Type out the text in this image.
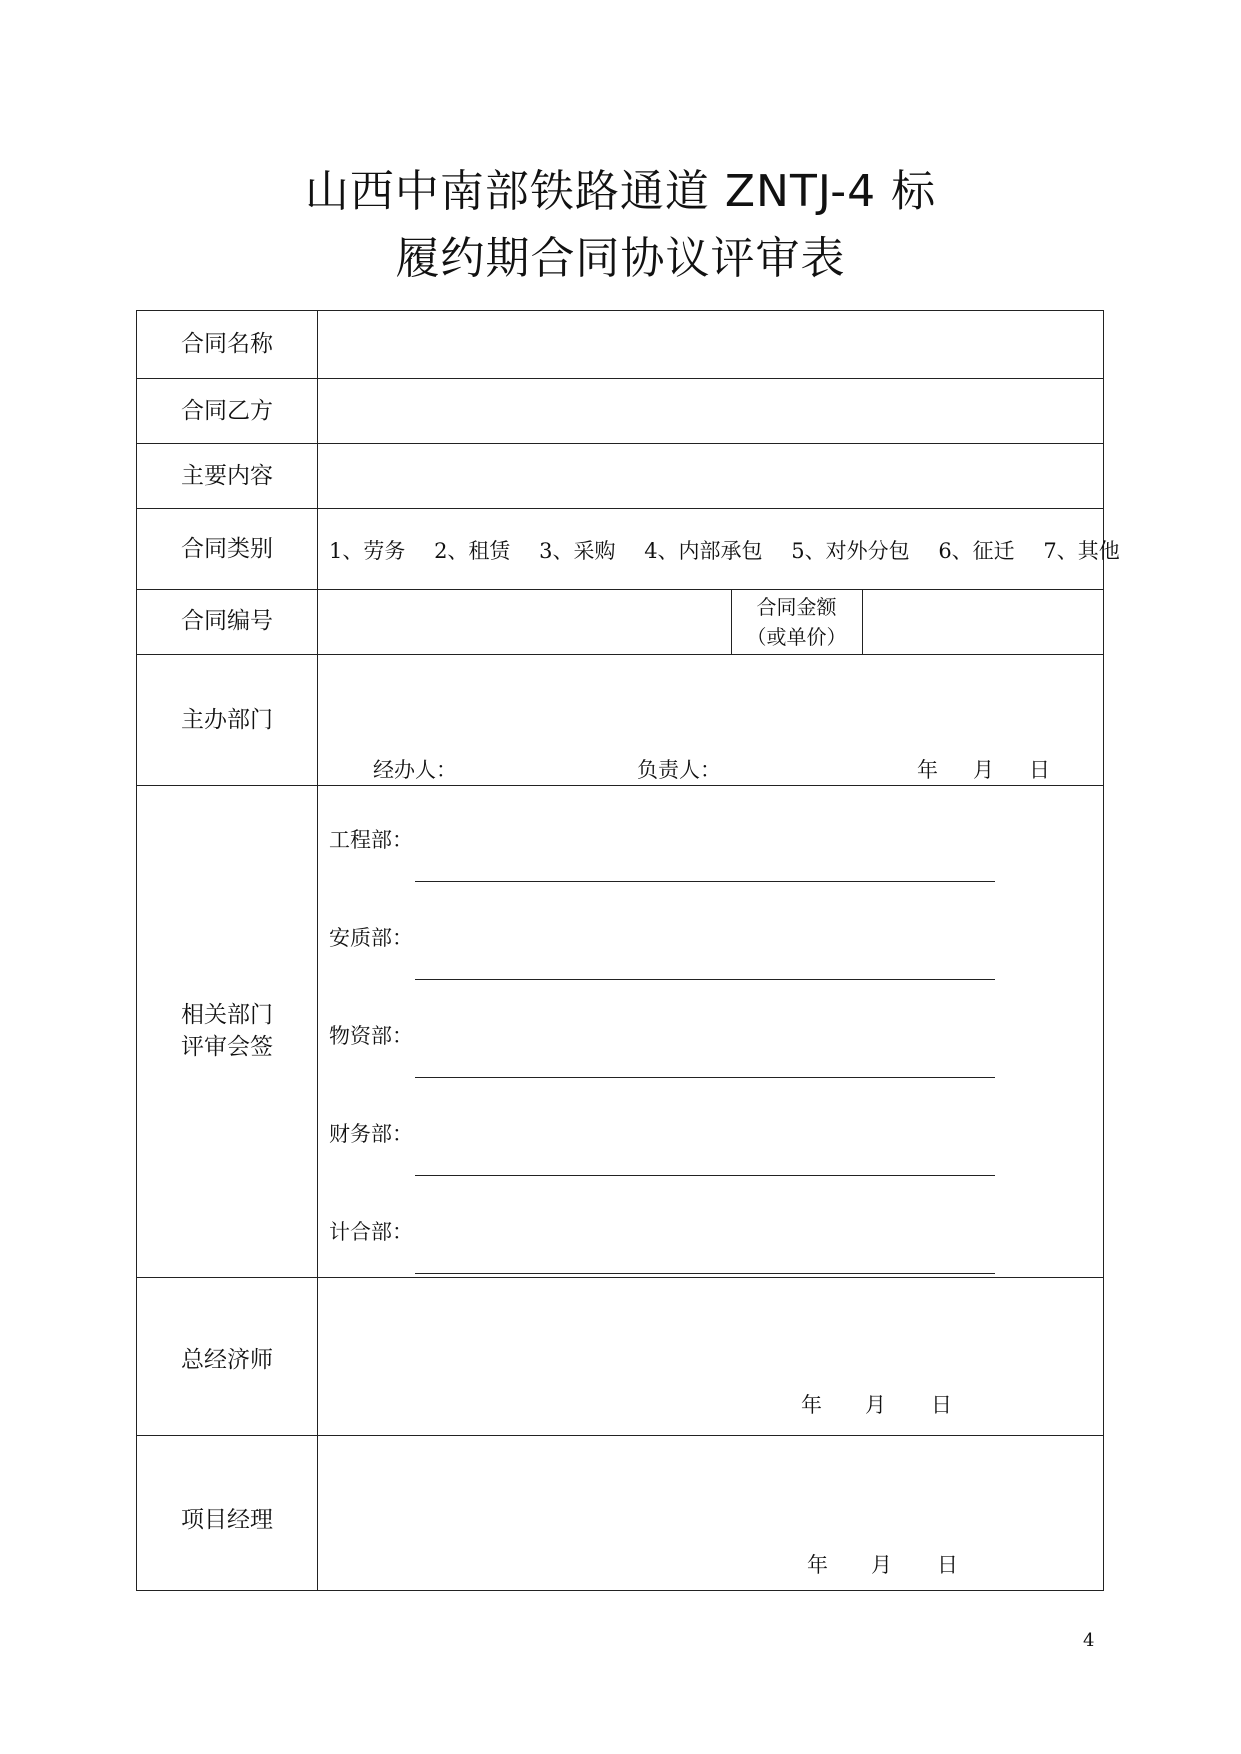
山西中南部铁路通道 ZNTJ-4 标
履约期合同协议评审表
合同名称
合同乙方
主要内容
合同类别
合同编号
主办部门
相关部门
评审会签
总经济师
项目经理
1、劳务 2、租赁 3、采购 4、内部承包 5、对外分包 6、征迁 7、其他
合同金额
（或单价）
经办人：	负责人：	年 月 日
工程部：
安质部：
物资部：
财务部：
计合部：
年 月 日
年 月 日
4
